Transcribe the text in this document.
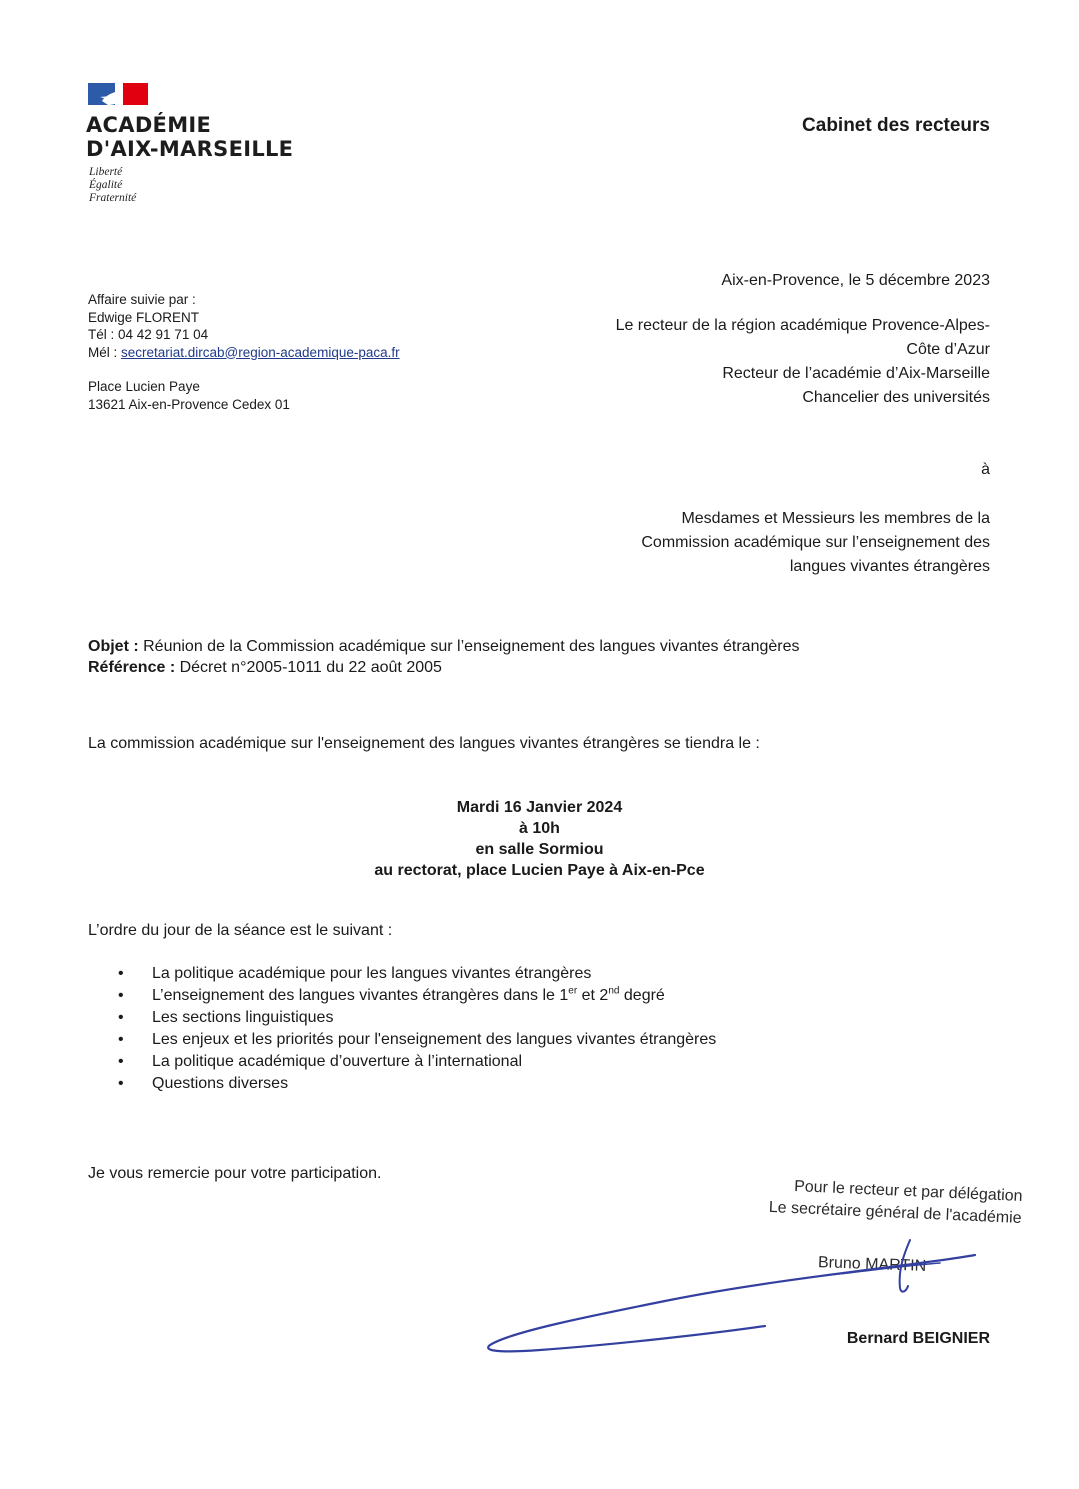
ACADÉMIE
D'AIX-MARSEILLE
Liberté
Égalité
Fraternité
Cabinet des recteurs
Affaire suivie par :
Edwige FLORENT
Tél : 04 42 91 71 04
Mél : secretariat.dircab@region-academique-paca.fr
Place Lucien Paye
13621 Aix-en-Provence Cedex 01
Aix-en-Provence, le 5 décembre 2023
Le recteur de la région académique Provence-Alpes-
Côte d’Azur
Recteur de l’académie d’Aix-Marseille
Chancelier des universités
à
Mesdames et Messieurs les membres de la
Commission académique sur l’enseignement des
langues vivantes étrangères
Objet : Réunion de la Commission académique sur l’enseignement des langues vivantes étrangères
Référence : Décret n°2005-1011 du 22 août 2005
La commission académique sur l'enseignement des langues vivantes étrangères se tiendra le :
Mardi 16 Janvier 2024
à 10h
en salle Sormiou
au rectorat, place Lucien Paye à Aix-en-Pce
L’ordre du jour de la séance est le suivant :
• La politique académique pour les langues vivantes étrangères
• L’enseignement des langues vivantes étrangères dans le 1er et 2nd degré
• Les sections linguistiques
• Les enjeux et les priorités pour l'enseignement des langues vivantes étrangères
• La politique académique d’ouverture à l’international
• Questions diverses
Je vous remercie pour votre participation.
Pour le recteur et par délégation
Le secrétaire général de l'académie
Bruno MARTIN
Bernard BEIGNIER
